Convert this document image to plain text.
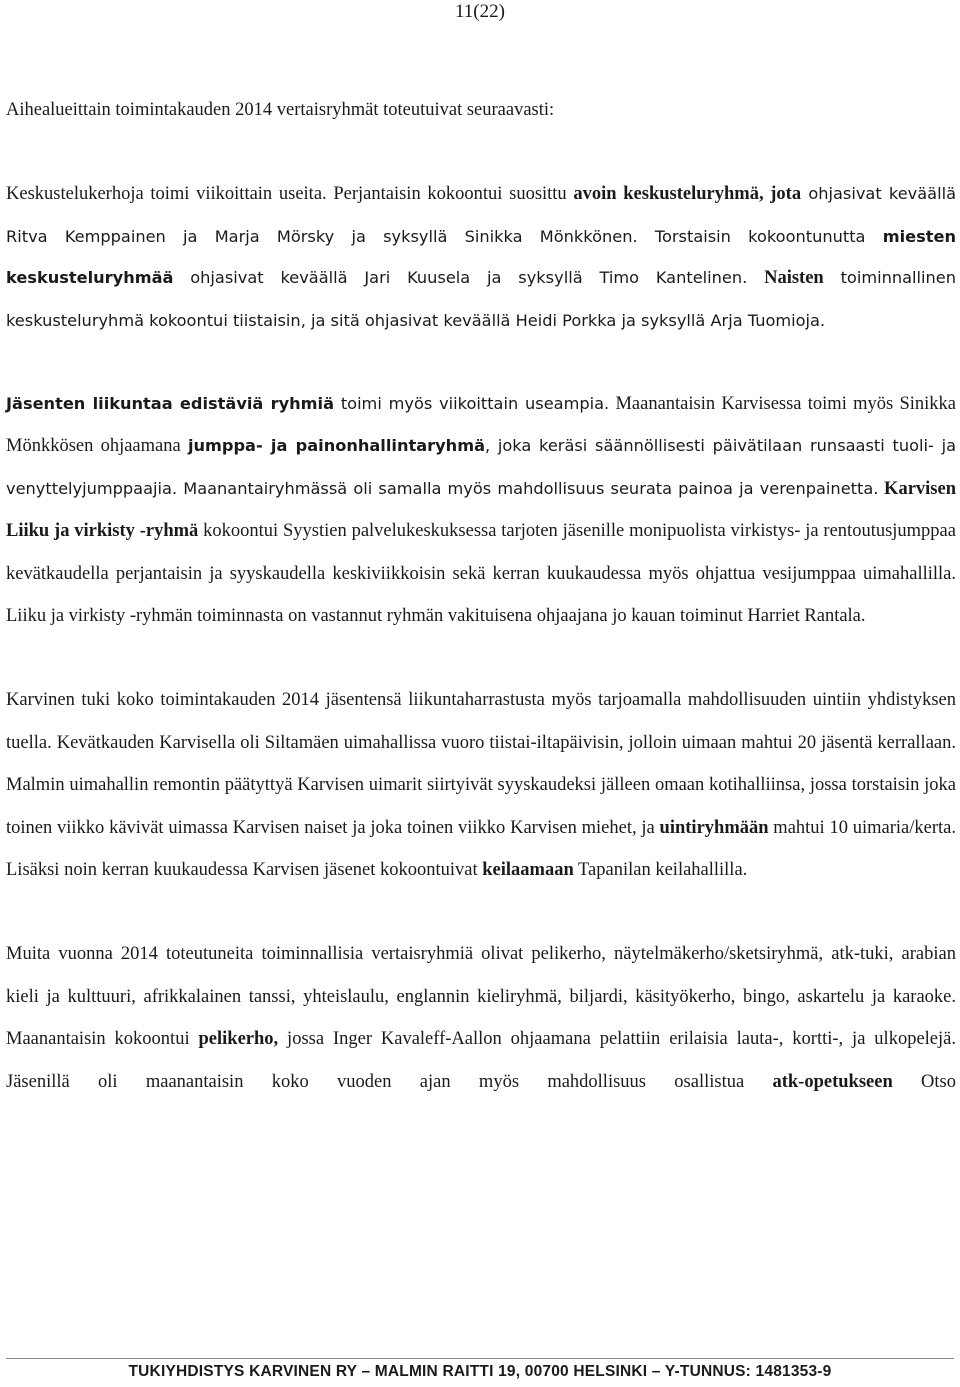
11(22)

Aihealueittain toimintakauden 2014 vertaisryhmät toteutuivat seuraavasti:

Keskustelukerhoja toimi viikoittain useita. Perjantaisin kokoontui suosittu avoin keskusteluryhmä, jota ohjasivat keväällä Ritva Kemppainen ja Marja Mörsky ja syksyllä Sinikka Mönkkönen. Torstaisin kokoontunutta miesten keskusteluryhmää ohjasivat keväällä Jari Kuusela ja syksyllä Timo Kantelinen. Naisten toiminnallinen keskusteluryhmä kokoontui tiistaisin, ja sitä ohjasivat keväällä Heidi Porkka ja syksyllä Arja Tuomioja.

Jäsenten liikuntaa edistäviä ryhmiä toimi myös viikoittain useampia. Maanantaisin Karvisessa toimi myös Sinikka Mönkkösen ohjaamana jumppa- ja painonhallintaryhmä, joka keräsi säännöllisesti päivätilaan runsaasti tuoli- ja venyttelyjumppaajia. Maanantairyhmässä oli samalla myös mahdollisuus seurata painoa ja verenpainetta. Karvisen Liiku ja virkisty -ryhmä kokoontui Syystien palvelukeskuksessa tarjoten jäsenille monipuolista virkistys- ja rentoutusjumppaa kevätkaudella perjantaisin ja syyskaudella keskiviikkoisin sekä kerran kuukaudessa myös ohjattua vesijumppaa uimahallilla. Liiku ja virkisty -ryhmän toiminnasta on vastannut ryhmän vakituisena ohjaajana jo kauan toiminut Harriet Rantala.

Karvinen tuki koko toimintakauden 2014 jäsentensä liikuntaharrastusta myös tarjoamalla mahdollisuuden uintiin yhdistyksen tuella. Kevätkauden Karvisella oli Siltamäen uimahallissa vuoro tiistai-iltapäivisin, jolloin uimaan mahtui 20 jäsentä kerrallaan. Malmin uimahallin remontin päätyttyä Karvisen uimarit siirtyivät syyskaudeksi jälleen omaan kotihalliinsa, jossa torstaisin joka toinen viikko kävivät uimassa Karvisen naiset ja joka toinen viikko Karvisen miehet, ja uintiryhmään mahtui 10 uimaria/kerta. Lisäksi noin kerran kuukaudessa Karvisen jäsenet kokoontuivat keilaamaan Tapanilan keilahallilla.

Muita vuonna 2014 toteutuneita toiminnallisia vertaisryhmiä olivat pelikerho, näytelmäkerho/sketsiryhmä, atk-tuki, arabian kieli ja kulttuuri, afrikkalainen tanssi, yhteislaulu, englannin kieliryhmä, biljardi, käsityökerho, bingo, askartelu ja karaoke. Maanantaisin kokoontui pelikerho, jossa Inger Kavaleff-Aallon ohjaamana pelattiin erilaisia lauta-, kortti-, ja ulkopelejä. Jäsenillä oli maanantaisin koko vuoden ajan myös mahdollisuus osallistua atk-opetukseen Otso

TUKIYHDISTYS KARVINEN RY – MALMIN RAITTI 19, 00700 HELSINKI – Y-TUNNUS: 1481353-9
